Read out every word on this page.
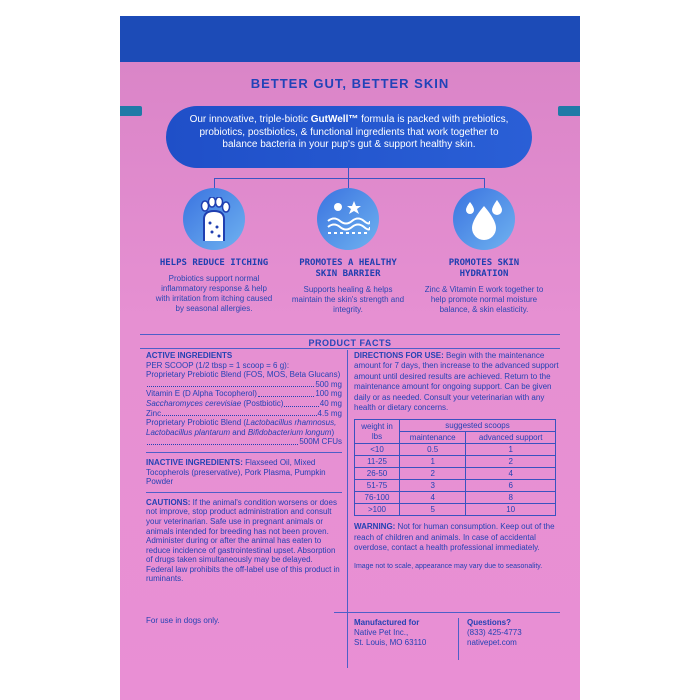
BETTER GUT, BETTER SKIN
Our innovative, triple-biotic GutWell™ formula is packed with prebiotics, probiotics, postbiotics, & functional ingredients that work together to balance bacteria in your pup's gut & support healthy skin.
HELPS REDUCE ITCHING
Probiotics support normal inflammatory response & help with irritation from itching caused by seasonal allergies.
PROMOTES A HEALTHY SKIN BARRIER
Supports healing & helps maintain the skin's strength and integrity.
PROMOTES SKIN HYDRATION
Zinc & Vitamin E work together to help promote normal moisture balance, & skin elasticity.
PRODUCT FACTS
ACTIVE INGREDIENTS
PER SCOOP (1/2 tbsp = 1 scoop = 6 g):
Proprietary Prebiotic Blend (FOS, MOS, Beta Glucans)
500 mg
Vitamin E (D Alpha Tocopherol)	100 mg
Saccharomyces cerevisiae (Postbiotic)	40 mg
Zinc	4.5 mg
Proprietary Probiotic Blend (Lactobacillus rhamnosus, Lactobacillus plantarum and Bifidobacterium longum)
500M CFUs
INACTIVE INGREDIENTS: Flaxseed Oil, Mixed Tocopherols (preservative), Pork Plasma, Pumpkin Powder
CAUTIONS: If the animal's condition worsens or does not improve, stop product administration and consult your veterinarian. Safe use in pregnant animals or animals intended for breeding has not been proven. Administer during or after the animal has eaten to reduce incidence of gastrointestinal upset. Absorption of drugs taken simultaneously may be delayed. Federal law prohibits the off-label use of this product in ruminants.
For use in dogs only.
DIRECTIONS FOR USE: Begin with the maintenance amount for 7 days, then increase to the advanced support amount until desired results are achieved. Return to the maintenance amount for ongoing support. Can be given daily or as needed. Consult your veterinarian with any health or dietary concerns.
weight in lbs	suggested scoops	
	maintenance	advanced support
<10	0.5	1
11-25	1	2
26-50	2	4
51-75	3	6
76-100	4	8
>100	5	10
WARNING: Not for human consumption. Keep out of the reach of children and animals. In case of accidental overdose, contact a health professional immediately.
Image not to scale, appearance may vary due to seasonality.
Manufactured for
Native Pet Inc.,
St. Louis, MO 63110
Questions?
(833) 425-4773
nativepet.com
